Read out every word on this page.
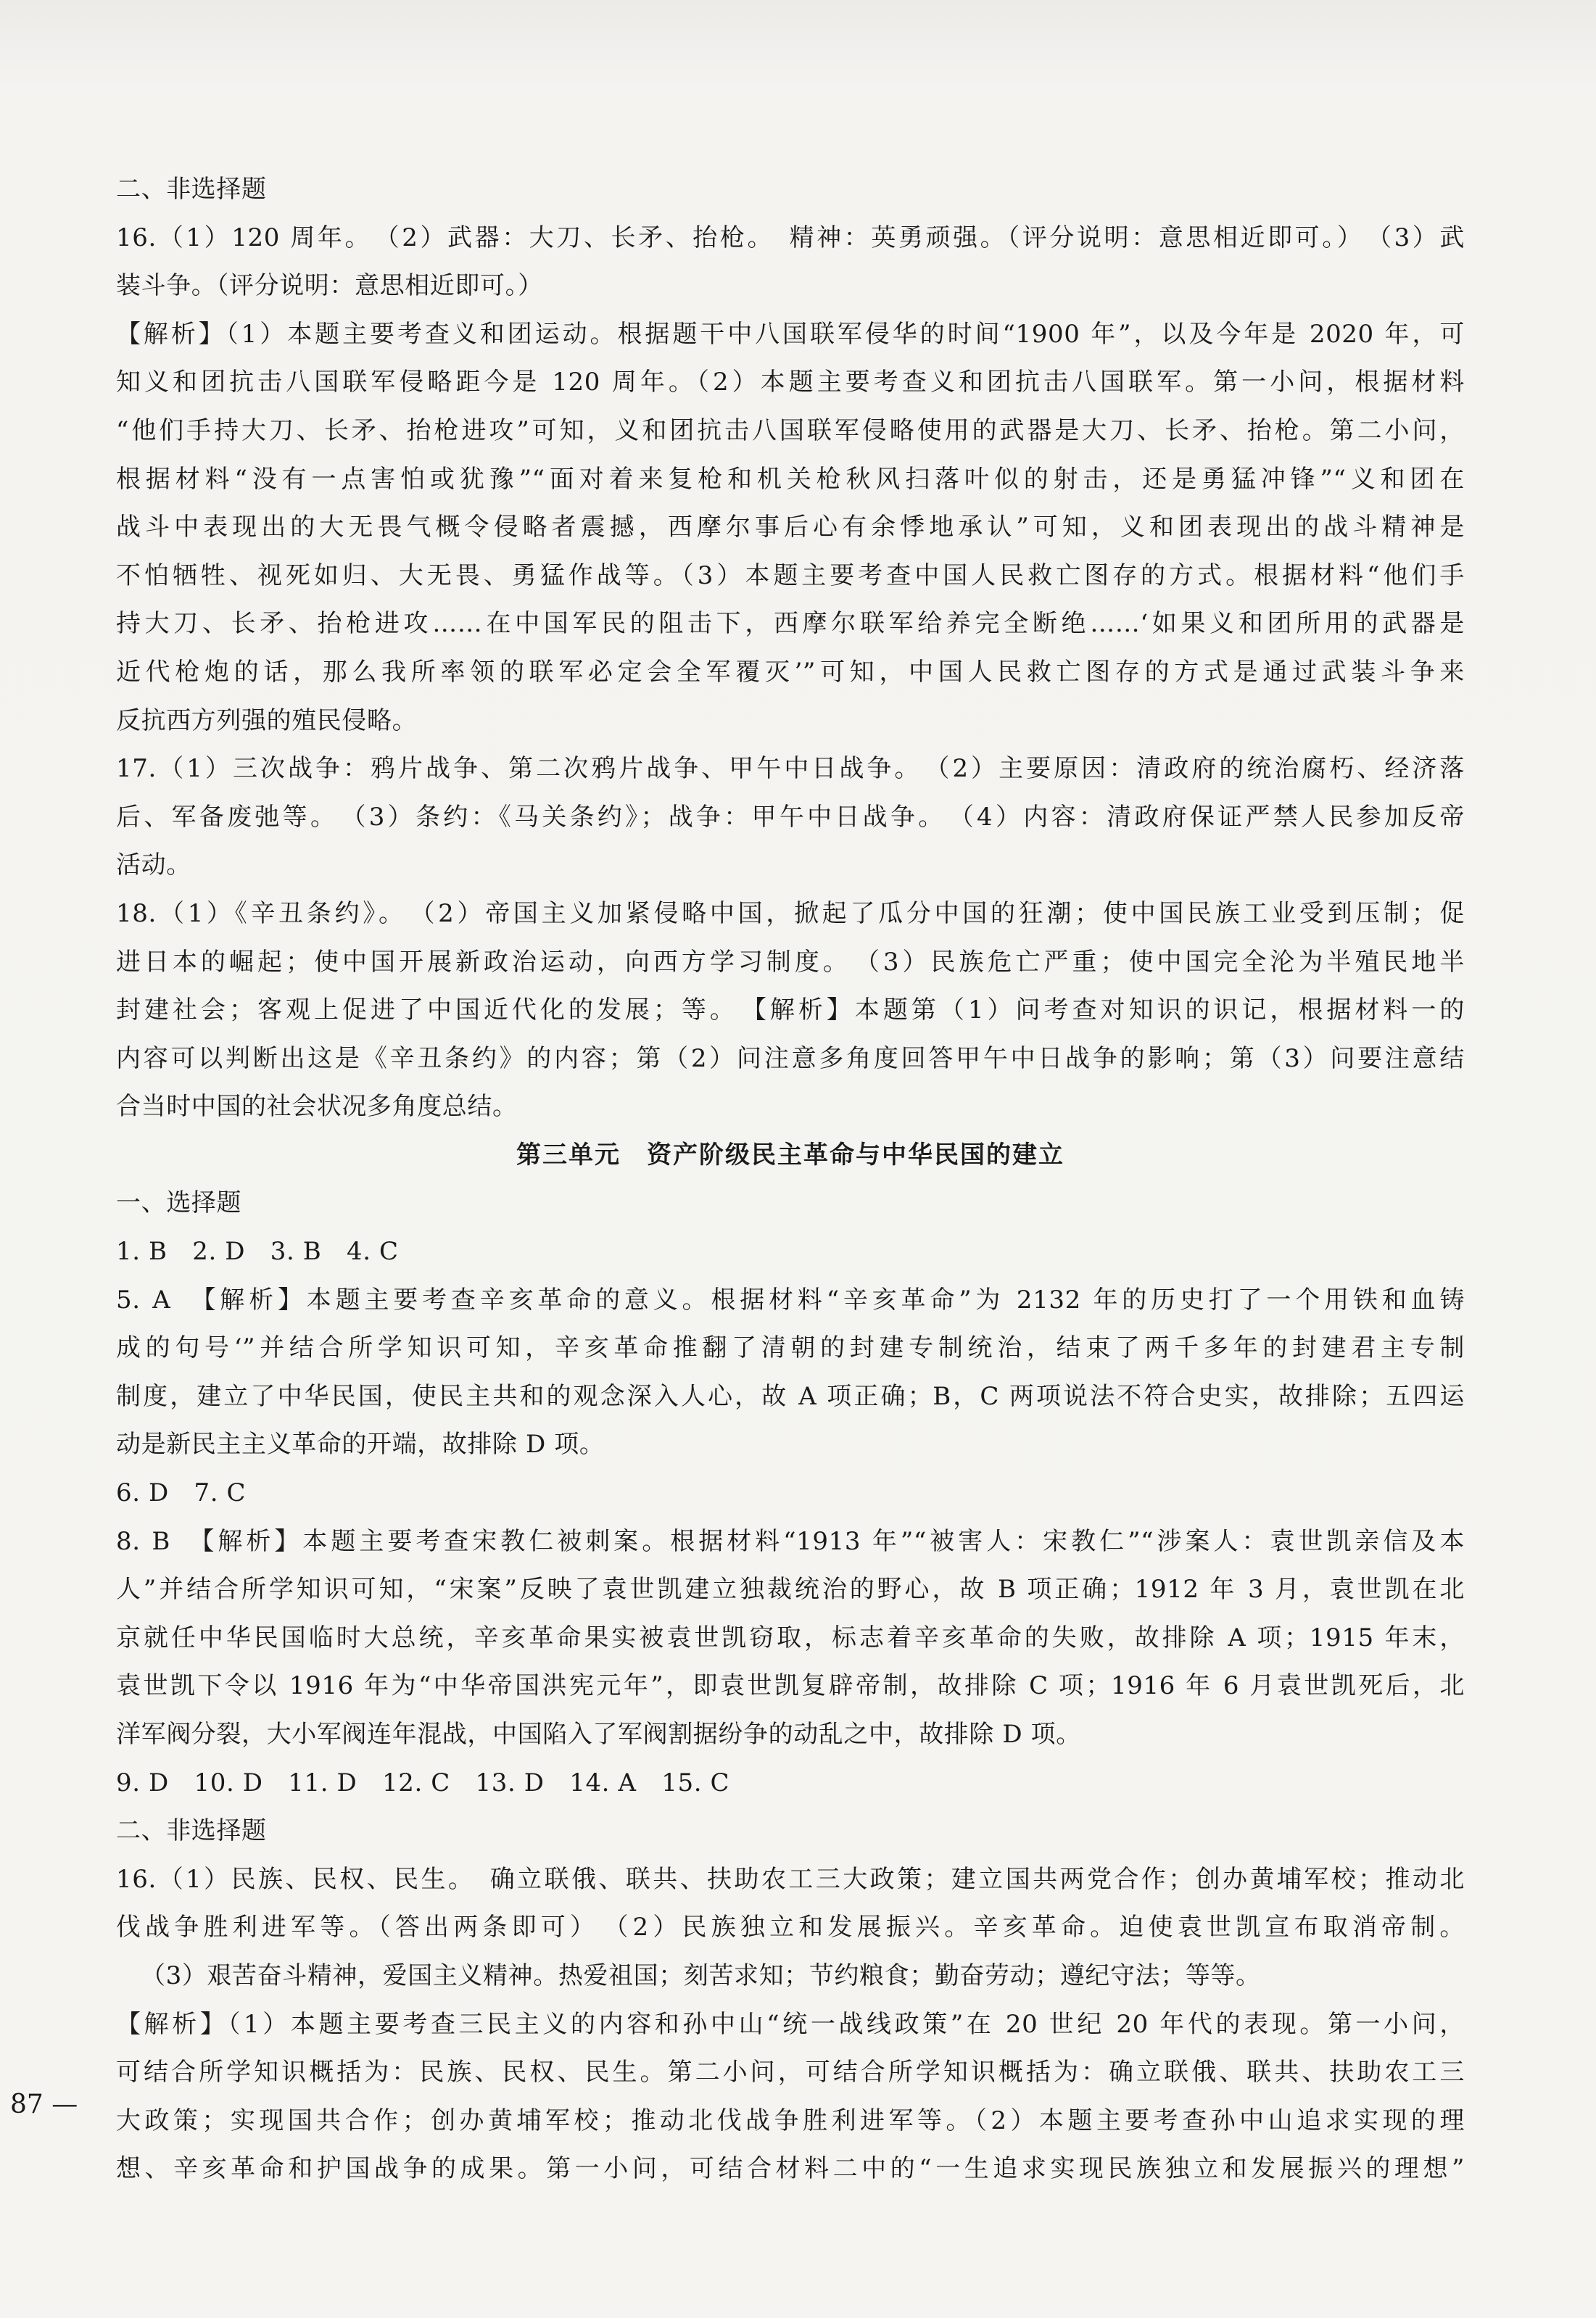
二、非选择题
16.（1）120 周年。　（2）武器：大刀、长矛、抬枪。　精神：英勇顽强。（评分说明：意思相近即可。）　（3）武
装斗争。（评分说明：意思相近即可。）
【解析】（1）本题主要考查义和团运动。根据题干中八国联军侵华的时间“1900 年”，以及今年是 2020 年，可
知义和团抗击八国联军侵略距今是 120 周年。（2）本题主要考查义和团抗击八国联军。第一小问，根据材料
“他们手持大刀、长矛、抬枪进攻”可知，义和团抗击八国联军侵略使用的武器是大刀、长矛、抬枪。第二小问，
根据材料“没有一点害怕或犹豫”“面对着来复枪和机关枪秋风扫落叶似的射击，还是勇猛冲锋”“义和团在
战斗中表现出的大无畏气概令侵略者震撼，西摩尔事后心有余悸地承认”可知，义和团表现出的战斗精神是
不怕牺牲、视死如归、大无畏、勇猛作战等。（3）本题主要考查中国人民救亡图存的方式。根据材料“他们手
持大刀、长矛、抬枪进攻……在中国军民的阻击下，西摩尔联军给养完全断绝……‘如果义和团所用的武器是
近代枪炮的话，那么我所率领的联军必定会全军覆灭’”可知，中国人民救亡图存的方式是通过武装斗争来
反抗西方列强的殖民侵略。
17.（1）三次战争：鸦片战争、第二次鸦片战争、甲午中日战争。　（2）主要原因：清政府的统治腐朽、经济落
后、军备废弛等。　（3）条约：《马关条约》；战争：甲午中日战争。　（4）内容：清政府保证严禁人民参加反帝
活动。
18.（1）《辛丑条约》。　（2）帝国主义加紧侵略中国，掀起了瓜分中国的狂潮；使中国民族工业受到压制；促
进日本的崛起；使中国开展新政治运动，向西方学习制度。　（3）民族危亡严重；使中国完全沦为半殖民地半
封建社会；客观上促进了中国近代化的发展；等。　【解析】本题第（1）问考查对知识的识记，根据材料一的
内容可以判断出这是《辛丑条约》的内容；第（2）问注意多角度回答甲午中日战争的影响；第（3）问要注意结
合当时中国的社会状况多角度总结。
第三单元　资产阶级民主革命与中华民国的建立
一、选择题
1. B　2. D　3. B　4. C
5. A　【解析】本题主要考查辛亥革命的意义。根据材料“辛亥革命”为 2132 年的历史打了一个用铁和血铸
成的句号‘”并结合所学知识可知，辛亥革命推翻了清朝的封建专制统治，结束了两千多年的封建君主专制
制度，建立了中华民国，使民主共和的观念深入人心，故 A 项正确；B，C 两项说法不符合史实，故排除；五四运
动是新民主主义革命的开端，故排除 D 项。
6. D　7. C
8. B　【解析】本题主要考查宋教仁被刺案。根据材料“1913 年”“被害人：宋教仁”“涉案人：袁世凯亲信及本
人”并结合所学知识可知，“宋案”反映了袁世凯建立独裁统治的野心，故 B 项正确；1912 年 3 月，袁世凯在北
京就任中华民国临时大总统，辛亥革命果实被袁世凯窃取，标志着辛亥革命的失败，故排除 A 项；1915 年末，
袁世凯下令以 1916 年为“中华帝国洪宪元年”，即袁世凯复辟帝制，故排除 C 项；1916 年 6 月袁世凯死后，北
洋军阀分裂，大小军阀连年混战，中国陷入了军阀割据纷争的动乱之中，故排除 D 项。
9. D　10. D　11. D　12. C　13. D　14. A　15. C
二、非选择题
16.（1）民族、民权、民生。　确立联俄、联共、扶助农工三大政策；建立国共两党合作；创办黄埔军校；推动北
伐战争胜利进军等。（答出两条即可）　（2）民族独立和发展振兴。辛亥革命。迫使袁世凯宣布取消帝制。
（3）艰苦奋斗精神，爱国主义精神。热爱祖国；刻苦求知；节约粮食；勤奋劳动；遵纪守法；等等。
【解析】（1）本题主要考查三民主义的内容和孙中山“统一战线政策”在 20 世纪 20 年代的表现。第一小问，
可结合所学知识概括为：民族、民权、民生。第二小问，可结合所学知识概括为：确立联俄、联共、扶助农工三
大政策；实现国共合作；创办黄埔军校；推动北伐战争胜利进军等。（2）本题主要考查孙中山追求实现的理
想、辛亥革命和护国战争的成果。第一小问，可结合材料二中的“一生追求实现民族独立和发展振兴的理想”
87 —
